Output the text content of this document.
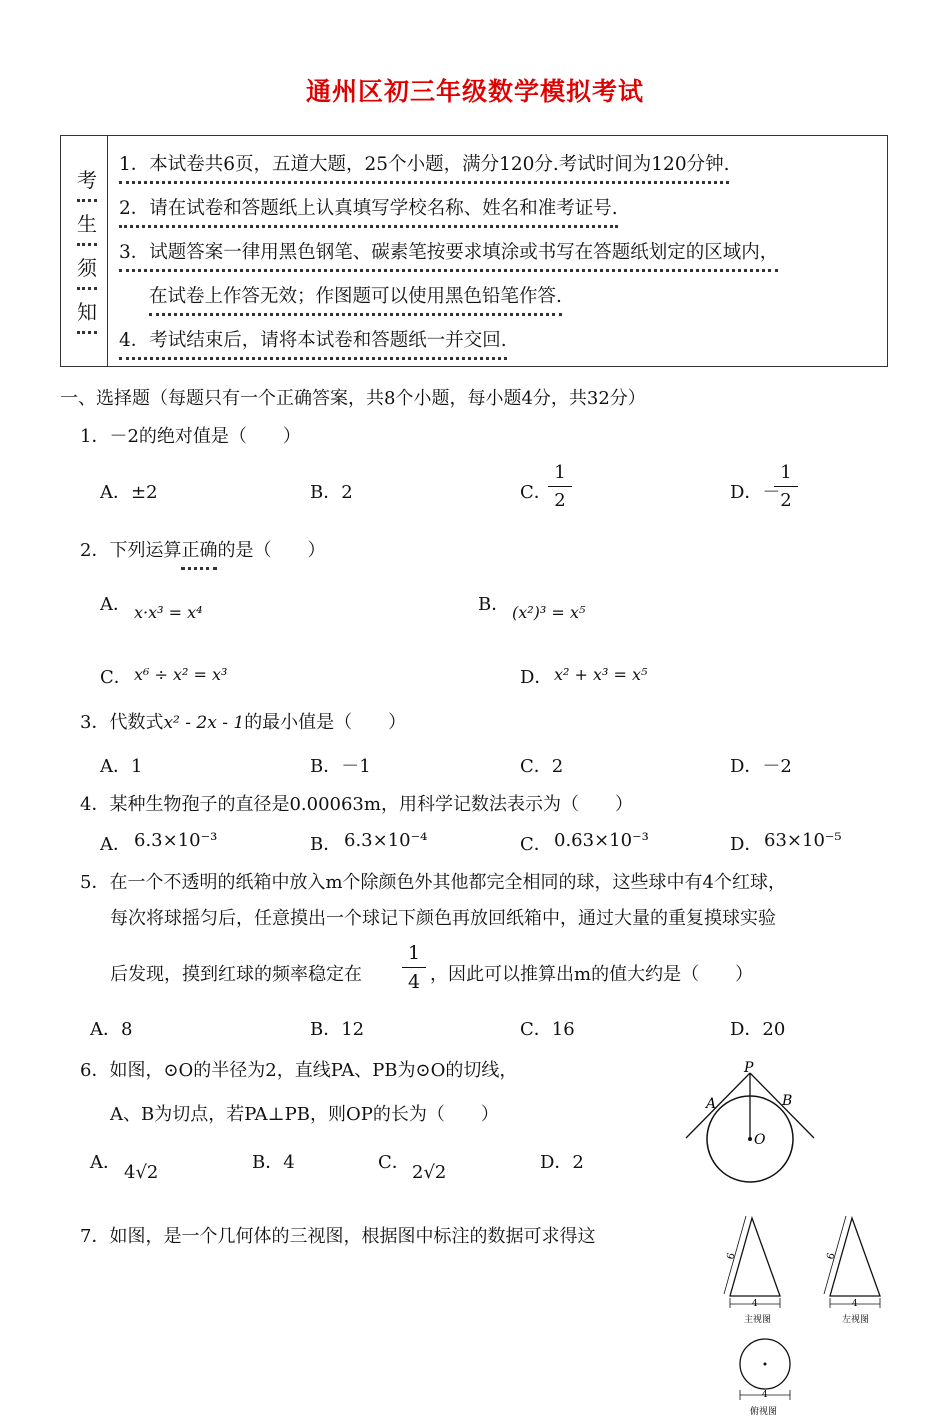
通州区初三年级数学模拟考试
考
生
须
知
1．本试卷共6页，五道大题，25个小题，满分120分.考试时间为120分钟.
2．请在试卷和答题纸上认真填写学校名称、姓名和准考证号.
3．试题答案一律用黑色钢笔、碳素笔按要求填涂或书写在答题纸划定的区域内，
在试卷上作答无效；作图题可以使用黑色铅笔作答.
4．考试结束后，请将本试卷和答题纸一并交回.
一、选择题（每题只有一个正确答案，共8个小题，每小题4分，共32分）
1．－2的绝对值是（　　）
A．±2	B．2	C．
1
2	D．－
1
2
2．下列运算正确的是（　　）
A． x·x³ = x⁴	B． (x²)³ = x⁵
C． x⁶ ÷ x² = x³	D． x² + x³ = x⁵
3．代数式x² - 2x - 1的最小值是（　　）
A．1	B．－1	C．2	D．－2
4．某种生物孢子的直径是0.00063m，用科学记数法表示为（　　）
A． 6.3×10⁻³	B． 6.3×10⁻⁴	C． 0.63×10⁻³	D． 63×10⁻⁵
5．在一个不透明的纸箱中放入m个除颜色外其他都完全相同的球，这些球中有4个红球，
每次将球摇匀后，任意摸出一个球记下颜色再放回纸箱中，通过大量的重复摸球实验
后发现，摸到红球的频率稳定在
1
4 ，因此可以推算出m的值大约是（　　）
A．8	B．12	C．16	D．20
6．如图，⊙O的半径为2，直线PA、PB为⊙O的切线，
A、B为切点，若PA⊥PB，则OP的长为（　　）
A． 4√2	B．4	C． 2√2	D．2
P
A	B
O
7．如图，是一个几何体的三视图，根据图中标注的数据可求得这
6
4
主视图
6
4
左视图
4
俯视图
